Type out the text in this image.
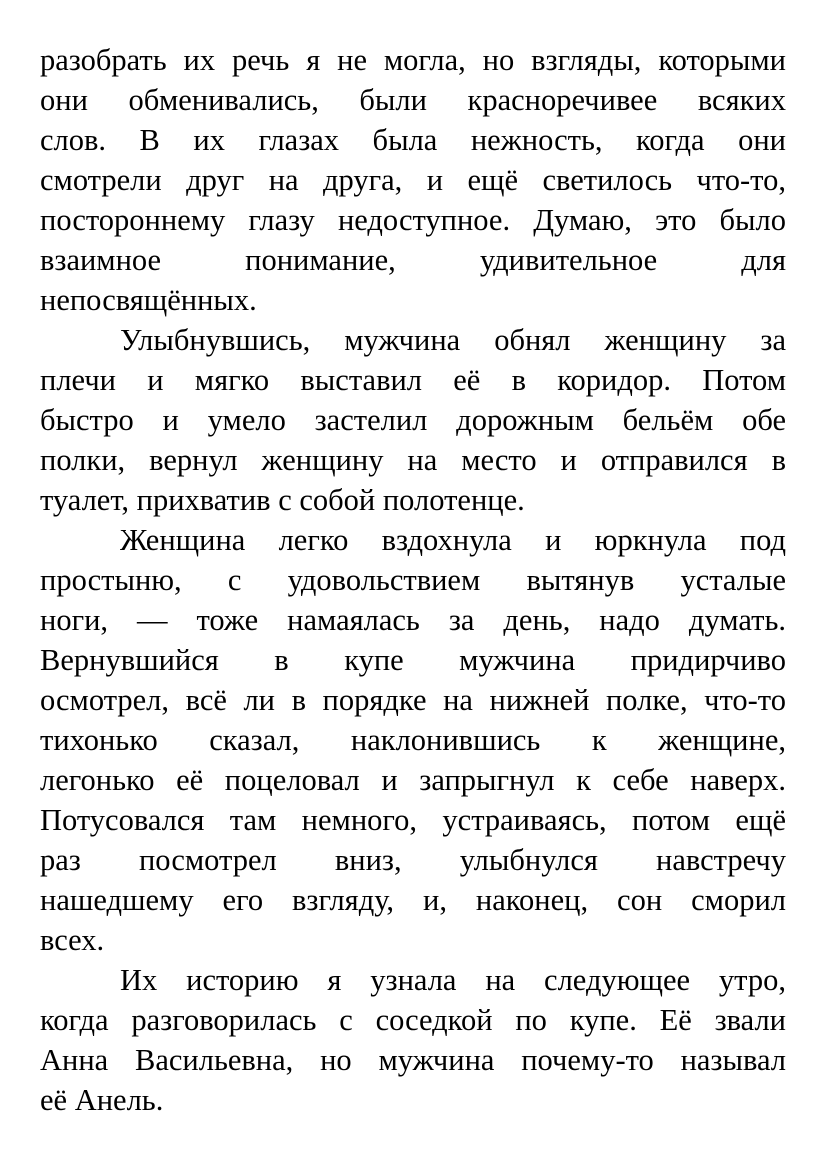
разобрать их речь я не могла, но взгляды, которыми
они обменивались, были красноречивее всяких
слов. В их глазах была нежность, когда они
смотрели друг на друга, и ещё светилось что-то,
постороннему глазу недоступное. Думаю, это было
взаимное понимание, удивительное для
непосвящённых.
Улыбнувшись, мужчина обнял женщину за
плечи и мягко выставил её в коридор. Потом
быстро и умело застелил дорожным бельём обе
полки, вернул женщину на место и отправился в
туалет, прихватив с собой полотенце.
Женщина легко вздохнула и юркнула под
простыню, с удовольствием вытянув усталые
ноги, — тоже намаялась за день, надо думать.
Вернувшийся в купе мужчина придирчиво
осмотрел, всё ли в порядке на нижней полке, что-то
тихонько сказал, наклонившись к женщине,
легонько её поцеловал и запрыгнул к себе наверх.
Потусовался там немного, устраиваясь, потом ещё
раз посмотрел вниз, улыбнулся навстречу
нашедшему его взгляду, и, наконец, сон сморил
всех.
Их историю я узнала на следующее утро,
когда разговорилась с соседкой по купе. Её звали
Анна Васильевна, но мужчина почему-то называл
её Анель.
